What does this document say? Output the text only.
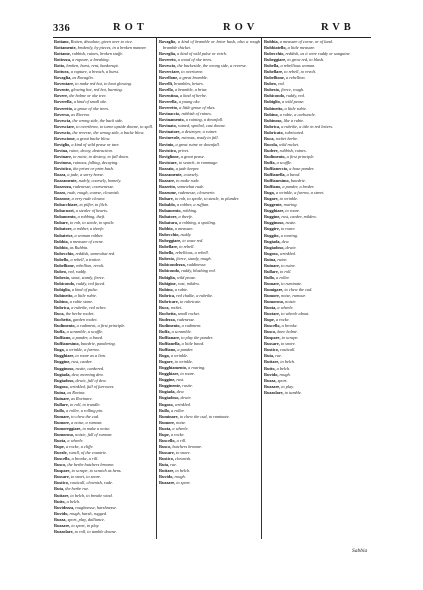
336	ROT	ROV	RVB
Rotiano, Rotten, dissolute, given over to vice.
Rottamente, brokenly, by pieces, in a broken manner.
Rottame, rubbish, ruines, broken stuffe.
Rottezza, a rupture, a breaking.
Rotto, broken, burst, rent, bankerupt.
Rottura, a rupture, a breach, a burst.
Rovaglia, as Rovaglio.
Roventare, to make red hot, to heat glowing.
Rovente, glowing hot, red hot, burning.
Rovere, the holme or oke tree.
Roverella, a kind of small oke.
Roveretto, a groue of oke trees.
Roverso, as Riverso.
Rovescia, the wrong side, the back side.
Rovesciare, to overthrow, to turne upside downe, to spill.
Rovescio, the reverse, the wrong side, a backe blow.
Rovescione, a great backe blow.
Roviglio, a kind of wild pease or tare.
Rovina, ruine, decay, destruction.
Rovinare, to ruine, to destroy, to fall down.
Rovinoso, ruinous, falling, decaying.
Rovistico, the privet or prim bush.
Rozza, a jade, a sorry horse.
Rozzamente, rudely, coarsely, homely.
Rozzezza, rudenesse, coarsenesse.
Rozzo, rude, rough, coarse, clownish.
Rozzone, a very rude clowne.
Rubacchiare, to pilfer, to filch.
Rubacuori, a stealer of hearts.
Rubamento, a robbing, theft.
Rubare, to rob, to steale, to spoile.
Rubatore, a robber, a theefe.
Rubatrice, a woman robber.
Rubbia, a measure of corne.
Rubbio, as Rubbia.
Rubecchio, reddish, somewhat red.
Rubello, a rebell, a traitor.
Rubellione, rebellion, revolt.
Rubeo, red, ruddy.
Rubesto, stout, sturdy, fierce.
Rubicondo, ruddy, red faced.
Rubiglia, a kind of pulse.
Rubinetto, a little rubie.
Rubino, a rubie stone.
Rubrica, a rubrike, red ochre.
Ruca, the herbe rocket.
Ruchetta, garden rocket.
Rudimento, a rudiment, a first principle.
Ruffa, a scramble, a scuffle.
Ruffiano, a pander, a bawd.
Ruffianesimo, bawdrie, pandering.
Ruga, a wrinkle, a furrow.
Rugghiare, to roare as a lion.
Ruggine, rust, canker.
Rugginoso, rustie, cankered.
Rugiada, dew, morning dew.
Rugiadoso, dewie, full of dew.
Rugoso, wrinkled, full of furrowes.
Ruina, as Rovina.
Ruinare, as Rovinare.
Rullare, to roll, to trundle.
Rullo, a roller, a rolling pin.
Rumare, to chew the cud.
Rumore, a noise, a rumour.
Rumoreggiare, to make a noise.
Rumoroso, noisie, full of rumour.
Ruota, a wheele.
Rupe, a rocke, a cliffe.
Rurale, rurall, of the countrie.
Ruscello, a brooke, a rill.
Rusco, the herbe butchers broome.
Ruspare, to scrape, to scratch as hens.
Russare, to snort, to snore.
Rustico, rusticall, clownish, rude.
Ruta, the herbe rue.
Ruttare, to belch, to breake wind.
Rutto, a belch.
Ruvidezza, roughnesse, harshnesse.
Ruvido, rough, harsh, rugged.
Ruzza, sport, play, dalliance.
Ruzzare, to sport, to play.
Ruzzolare, to roll, to tumble downe.
Rovaglio, a kind of bramble or briar bush, also a rough bramble thicket.
Roveglia, a kind of wild pulse or vetch.
Rovereto, a wood of oke trees.
Rovescio, the backeside, the wrong side, a reverse.
Roverciare, to overturne.
Rovellone, a great bramble.
Rovelli, brambles, briars.
Rovello, a bramble, a briar.
Roventina, a kind of herbe.
Roverella, a young oke.
Roveretto, a little groue of okes.
Rovinaccio, rubbish of ruines.
Rovinamento, a ruining, a downfall.
Rovinato, ruined, spoiled, cast downe.
Rovinatore, a destroyer, a ruiner.
Rovinevole, ruinous, ready to fall.
Rovinio, a great ruine or downfall.
Rovistico, privet.
Roviglione, a great pease.
Rovistare, to search, to rummage.
Rozzaio, a jade keeper.
Rozzamente, coursely.
Rozzare, to make rude.
Rozzetto, somewhat rude.
Rozzume, rudenesse, clownerie.
Rubare, to rob, to spoile, to steale, to plunder.
Rubaldo, a robber, a ruffian.
Rubamento, robbing.
Rubatore, a theefe.
Rubatura, a robbing, a spoiling.
Rubbio, a measure.
Rubecchio, ruddy.
Rubeggiare, to waxe red.
Rubellare, to rebell.
Rubello, rebellious, a rebell.
Rubesto, fierce, sturdy, rough.
Rubicondezza, ruddinesse.
Rubicondo, ruddy, blushing red.
Rubiglia, wild pease.
Rubigine, rust, mildew.
Rubino, a rubie.
Rubrica, red chalke, a rubrike.
Rubricare, to rubricate.
Ruca, rocket.
Ruchetta, small rocket.
Rudezza, rudenesse.
Rudimento, a rudiment.
Ruffa, a scramble.
Ruffianare, to play the pander.
Ruffianella, a little bawd.
Ruffiano, a pander.
Ruga, a wrinkle.
Rugare, to wrinkle.
Rugghiamento, a roaring.
Rugghiare, to roare.
Ruggine, rust.
Rugginente, rustie.
Rugiada, dew.
Rugiadoso, dewie.
Rugoso, wrinkled.
Rullo, a roller.
Ruminare, to chew the cud, to ruminate.
Rumore, noise.
Ruota, a wheele.
Rupe, a rocke.
Ruscello, a rill.
Rusco, butchers broome.
Russare, to snore.
Rustico, clownish.
Ruta, rue.
Ruttare, to belch.
Ruvido, rough.
Ruzzare, to sport.
Rubbia, a measure of corne, or of land.
Rubbiatello, a little measure.
Rubecchio, reddish, as it were ruddy or sanguine.
Rubeggiare, to grow red, to blush.
Rubella, a rebellious woman.
Rubellare, to rebell, to revolt.
Rubellione, a rebellion.
Rubeo, red.
Rubesto, fierce, rough.
Rubicondo, ruddy, red.
Rubiglio, a wild pease.
Rubinetto, a little rubie.
Rubino, a rubie, a carbuncle.
Rubinoso, like a rubie.
Rubrica, a rubrike, a title in red letters.
Rubricato, rubricated.
Ruca, rocket herbe.
Rucola, wild rocket.
Rudere, rubbish, ruines.
Rudimento, a first principle.
Ruffa, a scuffle.
Ruffianeccio, a base pander.
Ruffianella, a bawd.
Ruffianesimo, bawdrie.
Ruffiano, a pander, a broker.
Ruga, a wrinkle, a furrow, a street.
Rugare, to wrinkle.
Ruggente, roaring.
Rugghiare, to roare.
Ruggine, rust, canker, mildew.
Rugginoso, rustie.
Ruggire, to roare.
Ruggito, a roaring.
Rugiada, dew.
Rugiadoso, dewie.
Rugoso, wrinkled.
Ruina, ruine.
Ruinare, to ruine.
Rullare, to roll.
Rullo, a roller.
Rumare, to ruminate.
Rumigare, to chew the cud.
Rumore, noise, rumour.
Rumoroso, noisie.
Ruota, a wheele.
Ruotare, to wheele about.
Rupe, a rocke.
Ruscello, a brooke.
Rusco, knee holme.
Ruspare, to scrape.
Russare, to snore.
Rustico, rusticall.
Ruta, rue.
Ruttare, to belch.
Rutto, a belch.
Ruvido, rough.
Ruzza, sport.
Ruzzare, to play.
Ruzzolare, to tumble.
Sabbia
